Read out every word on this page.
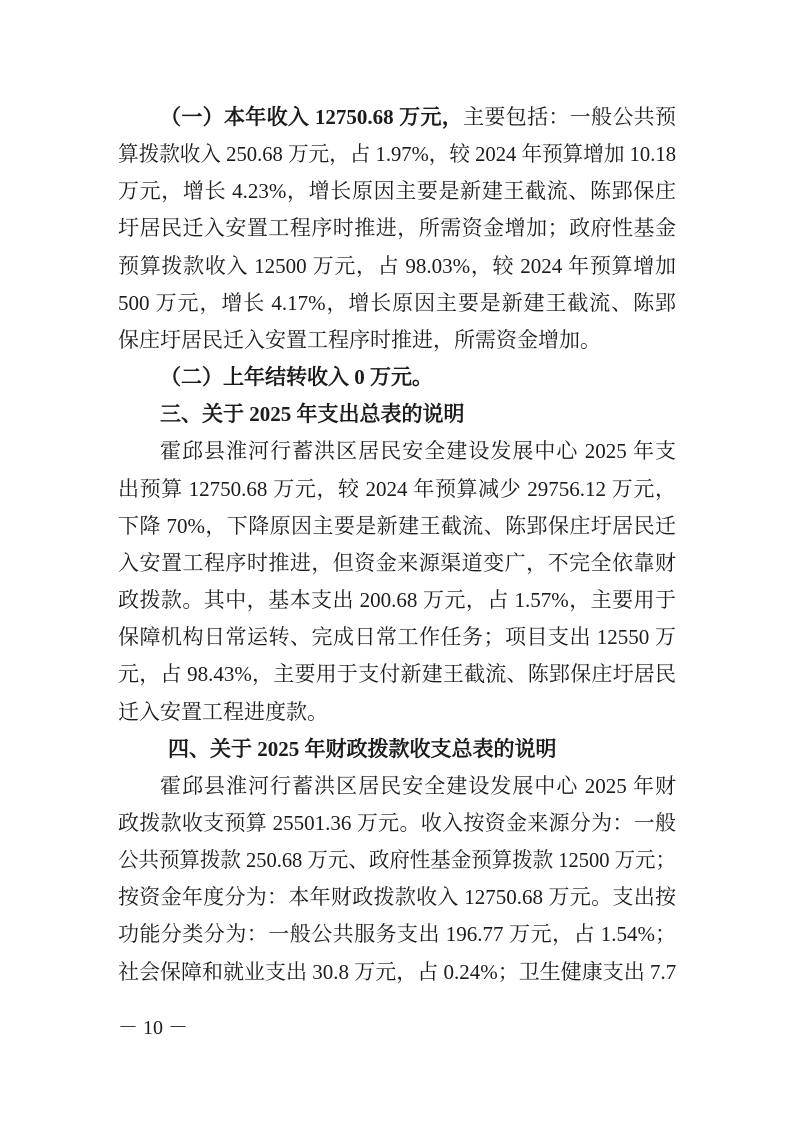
（一）本年收入 12750.68 万元，主要包括：一般公共预
算拨款收入 250.68 万元，占 1.97%，较 2024 年预算增加 10.18
万元，增长 4.23%，增长原因主要是新建王截流、陈郢保庄
圩居民迁入安置工程序时推进，所需资金增加；政府性基金
预算拨款收入 12500 万元，占 98.03%，较 2024 年预算增加
500 万元，增长 4.17%，增长原因主要是新建王截流、陈郢
保庄圩居民迁入安置工程序时推进，所需资金增加。
（二）上年结转收入 0 万元。
三、关于 2025 年支出总表的说明
霍邱县淮河行蓄洪区居民安全建设发展中心 2025 年支
出预算 12750.68 万元，较 2024 年预算减少 29756.12 万元，
下降 70%，下降原因主要是新建王截流、陈郢保庄圩居民迁
入安置工程序时推进，但资金来源渠道变广，不完全依靠财
政拨款。其中，基本支出 200.68 万元，占 1.57%，主要用于
保障机构日常运转、完成日常工作任务；项目支出 12550 万
元，占 98.43%，主要用于支付新建王截流、陈郢保庄圩居民
迁入安置工程进度款。
四、关于 2025 年财政拨款收支总表的说明
霍邱县淮河行蓄洪区居民安全建设发展中心 2025 年财
政拨款收支预算 25501.36 万元。收入按资金来源分为：一般
公共预算拨款 250.68 万元、政府性基金预算拨款 12500 万元；
按资金年度分为：本年财政拨款收入 12750.68 万元。支出按
功能分类分为：一般公共服务支出 196.77 万元，占 1.54%；
社会保障和就业支出 30.8 万元，占 0.24%；卫生健康支出 7.7
－ 10 －
